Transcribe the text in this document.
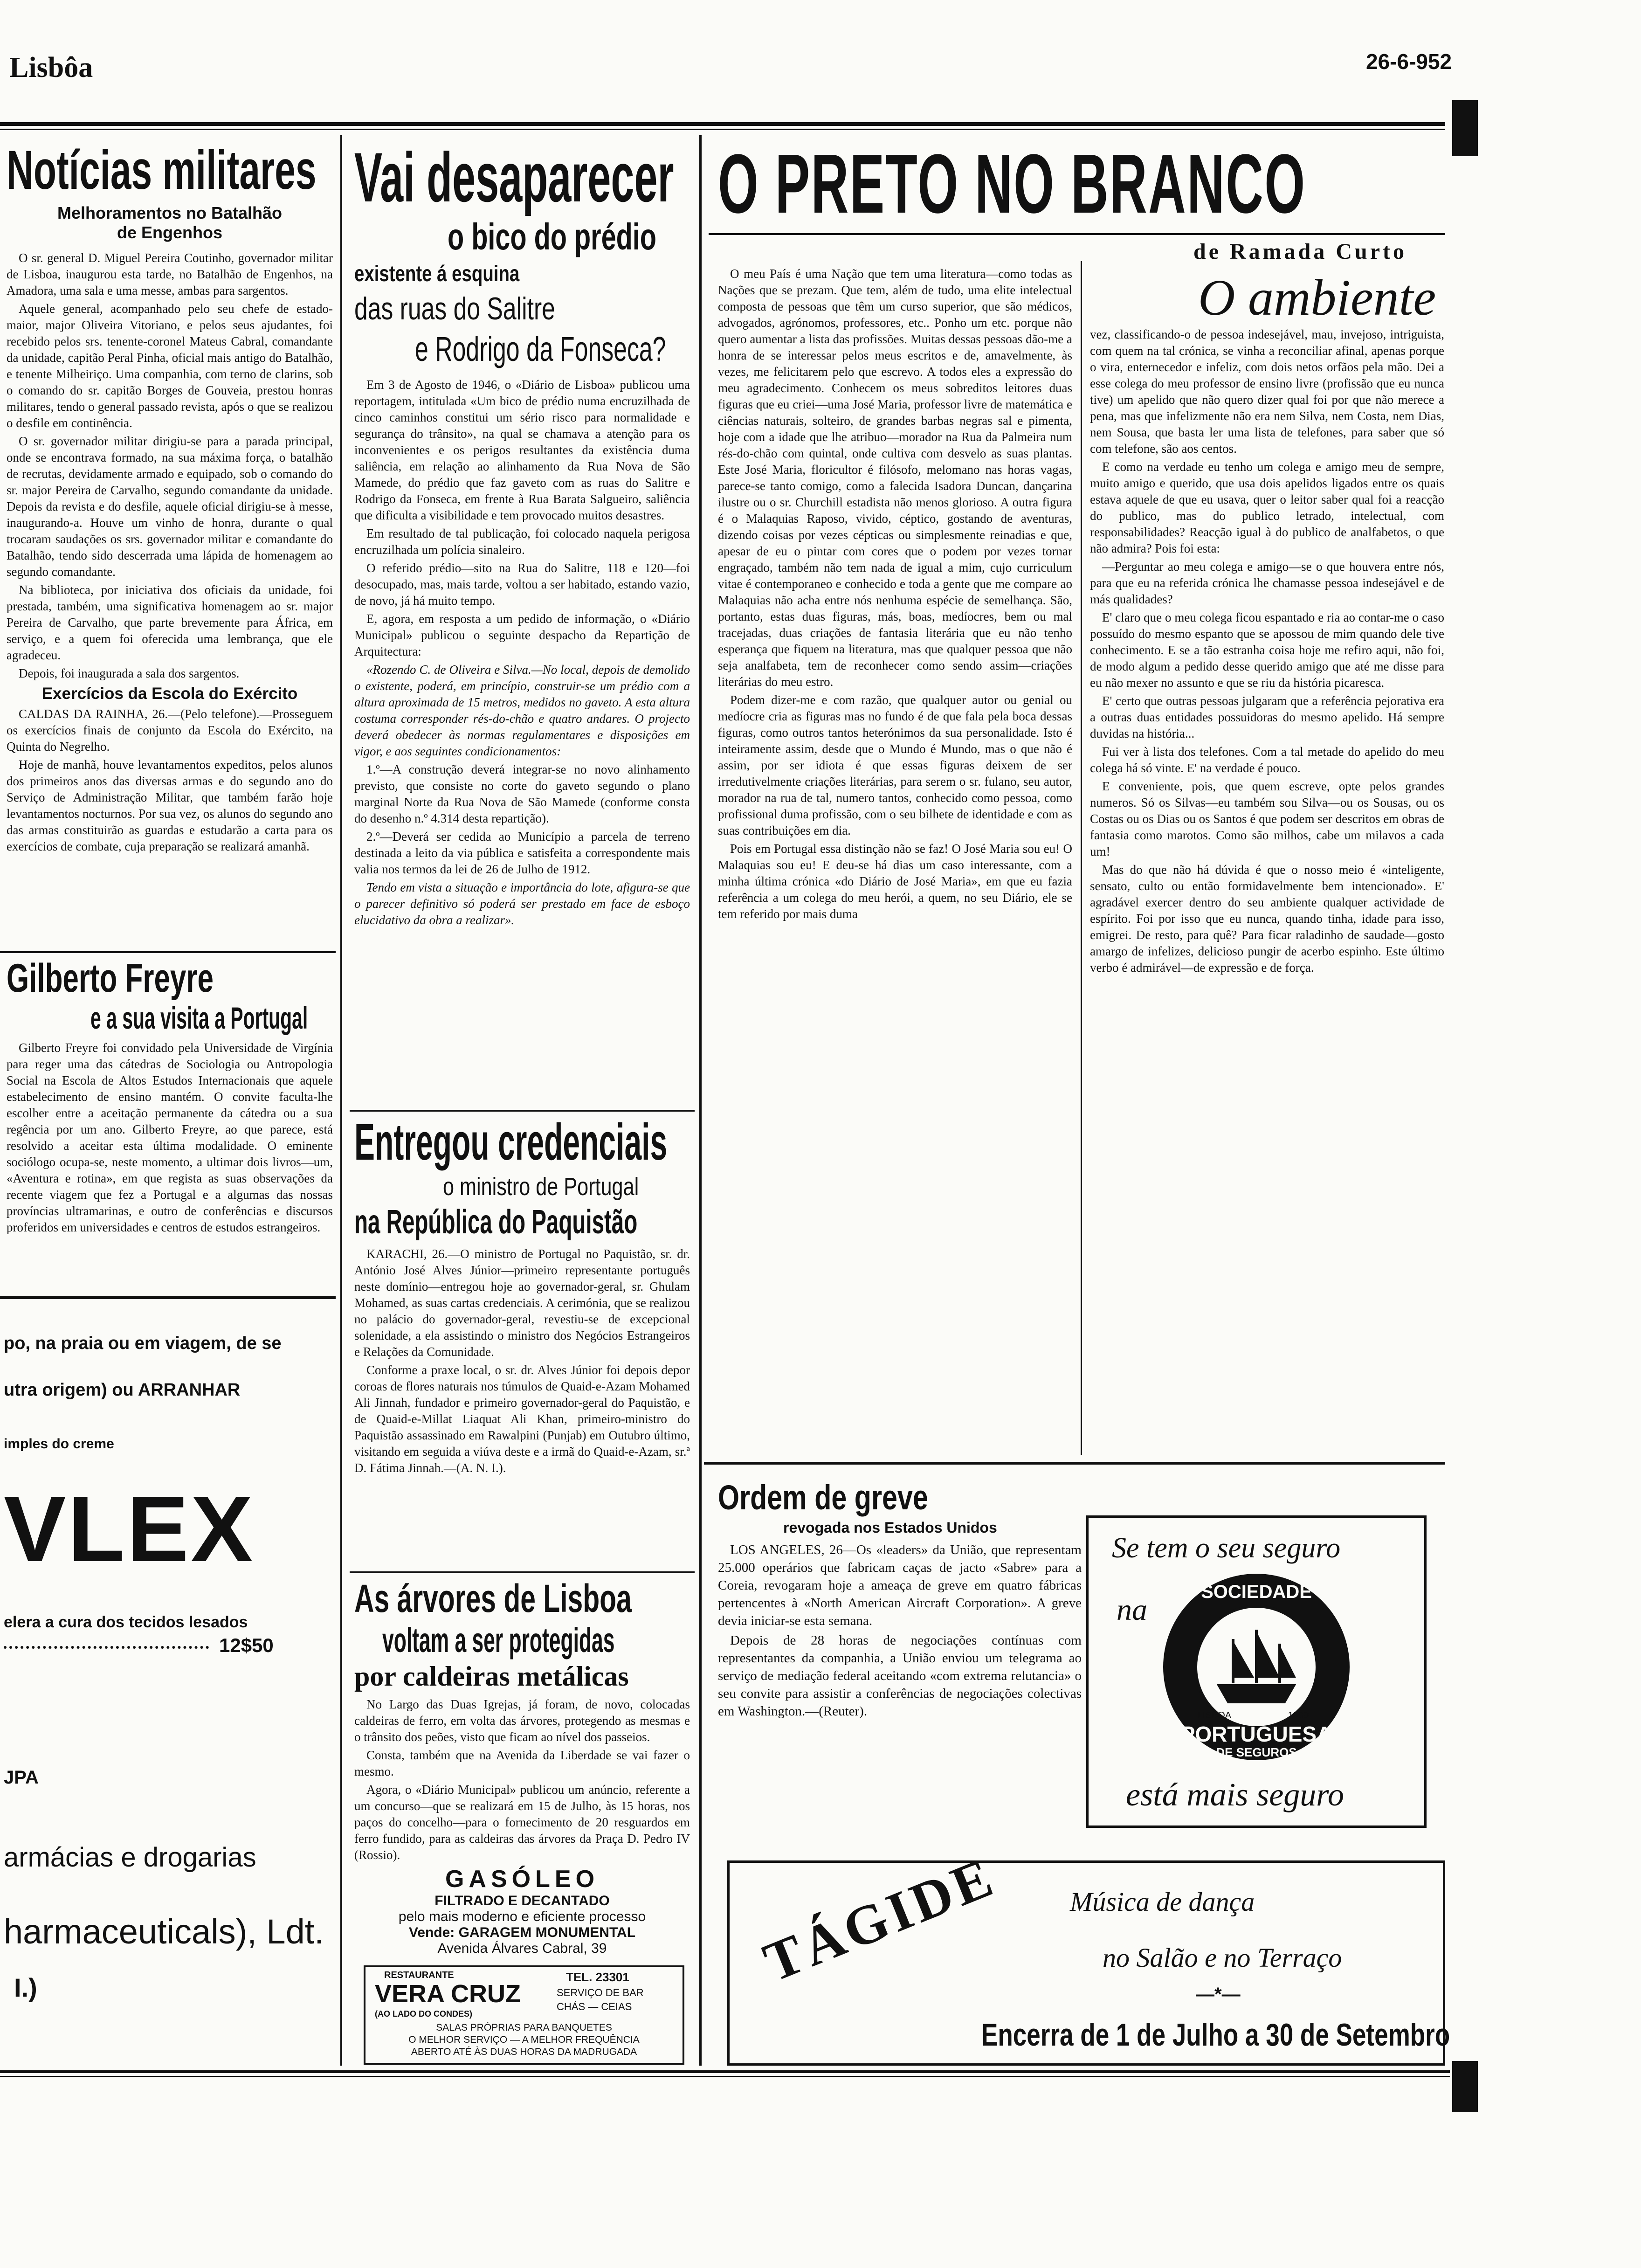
Lisbôa	26-6-952
Notícias militares
Melhoramentos no Batalhão
de Engenhos

O sr. general D. Miguel Pereira Coutinho, governador militar de Lisboa, inaugurou esta tarde, no Batalhão de Engenhos, na Amadora, uma sala e uma messe, ambas para sargentos.

Aquele general, acompanhado pelo seu chefe de estado-maior, major Oliveira Vitoriano, e pelos seus ajudantes, foi recebido pelos srs. tenente-coronel Mateus Cabral, comandante da unidade, capitão Peral Pinha, oficial mais antigo do Batalhão, e tenente Milheiriço. Uma companhia, com terno de clarins, sob o comando do sr. capitão Borges de Gouveia, prestou honras militares, tendo o general passado revista, após o que se realizou o desfile em continência.

O sr. governador militar dirigiu-se para a parada principal, onde se encontrava formado, na sua máxima força, o batalhão de recrutas, devidamente armado e equipado, sob o comando do sr. major Pereira de Carvalho, segundo comandante da unidade. Depois da revista e do desfile, aquele oficial dirigiu-se à messe, inaugurando-a. Houve um vinho de honra, durante o qual trocaram saudações os srs. governador militar e comandante do Batalhão, tendo sido descerrada uma lápida de homenagem ao segundo comandante.

Na biblioteca, por iniciativa dos oficiais da unidade, foi prestada, também, uma significativa homenagem ao sr. major Pereira de Carvalho, que parte brevemente para África, em serviço, e a quem foi oferecida uma lembrança, que ele agradeceu.

Depois, foi inaugurada a sala dos sargentos.

Exercícios da Escola do Exército

CALDAS DA RAINHA, 26.—(Pelo telefone).—Prosseguem os exercícios finais de conjunto da Escola do Exército, na Quinta do Negrelho.

Hoje de manhã, houve levantamentos expeditos, pelos alunos dos primeiros anos das diversas armas e do segundo ano do Serviço de Administração Militar, que também farão hoje levantamentos nocturnos. Por sua vez, os alunos do segundo ano das armas constituirão as guardas e estudarão a carta para os exercícios de combate, cuja preparação se realizará amanhã.

Gilberto Freyre
e a sua visita a Portugal

Gilberto Freyre foi convidado pela Universidade de Virgínia para reger uma das cátedras de Sociologia ou Antropologia Social na Escola de Altos Estudos Internacionais que aquele estabelecimento de ensino mantém. O convite faculta-lhe escolher entre a aceitação permanente da cátedra ou a sua regência por um ano. Gilberto Freyre, ao que parece, está resolvido a aceitar esta última modalidade. O eminente sociólogo ocupa-se, neste momento, a ultimar dois livros—um, «Aventura e rotina», em que regista as suas observações da recente viagem que fez a Portugal e a algumas das nossas províncias ultramarinas, e outro de conferências e discursos proferidos em universidades e centros de estudos estrangeiros.

po, na praia ou em viagem, de se
utra origem) ou ARRANHAR
imples do creme
VLEX
elera a cura dos tecidos lesados
12$50
JPA
armácias e drogarias
harmaceuticals), Ldt.
I.)
Vai desaparecer
o bico do prédio
existente á esquina
das ruas do Salitre
e Rodrigo da Fonseca?

Em 3 de Agosto de 1946, o «Diário de Lisboa» publicou uma reportagem, intitulada «Um bico de prédio numa encruzilhada de cinco caminhos constitui um sério risco para normalidade e segurança do trânsito», na qual se chamava a atenção para os inconvenientes e os perigos resultantes da existência duma saliência, em relação ao alinhamento da Rua Nova de São Mamede, do prédio que faz gaveto com as ruas do Salitre e Rodrigo da Fonseca, em frente à Rua Barata Salgueiro, saliência que dificulta a visibilidade e tem provocado muitos desastres.

Em resultado de tal publicação, foi colocado naquela perigosa encruzilhada um polícia sinaleiro.

O referido prédio—sito na Rua do Salitre, 118 e 120—foi desocupado, mas, mais tarde, voltou a ser habitado, estando vazio, de novo, já há muito tempo.

E, agora, em resposta a um pedido de informação, o «Diário Municipal» publicou o seguinte despacho da Repartição de Arquitectura:

«Rozendo C. de Oliveira e Silva.—No local, depois de demolido o existente, poderá, em princípio, construir-se um prédio com a altura aproximada de 15 metros, medidos no gaveto. A esta altura costuma corresponder rés-do-chão e quatro andares. O projecto deverá obedecer às normas regulamentares e disposições em vigor, e aos seguintes condicionamentos:

1.º—A construção deverá integrar-se no novo alinhamento previsto, que consiste no corte do gaveto segundo o plano marginal Norte da Rua Nova de São Mamede (conforme consta do desenho n.º 4.314 desta repartição).

2.º—Deverá ser cedida ao Município a parcela de terreno destinada a leito da via pública e satisfeita a correspondente mais valia nos termos da lei de 26 de Julho de 1912.

Tendo em vista a situação e importância do lote, afigura-se que o parecer definitivo só poderá ser prestado em face de esboço elucidativo da obra a realizar».

Entregou credenciais
o ministro de Portugal
na República do Paquistão

KARACHI, 26.—O ministro de Portugal no Paquistão, sr. dr. António José Alves Júnior—primeiro representante português neste domínio—entregou hoje ao governador-geral, sr. Ghulam Mohamed, as suas cartas credenciais. A cerimónia, que se realizou no palácio do governador-geral, revestiu-se de excepcional solenidade, a ela assistindo o ministro dos Negócios Estrangeiros e Relações da Comunidade.

Conforme a praxe local, o sr. dr. Alves Júnior foi depois depor coroas de flores naturais nos túmulos de Quaid-e-Azam Mohamed Ali Jinnah, fundador e primeiro governador-geral do Paquistão, e de Quaid-e-Millat Liaquat Ali Khan, primeiro-ministro do Paquistão assassinado em Rawalpini (Punjab) em Outubro último, visitando em seguida a viúva deste e a irmã do Quaid-e-Azam, sr.ª D. Fátima Jinnah.—(A. N. I.).

As árvores de Lisboa
voltam a ser protegidas
por caldeiras metálicas

No Largo das Duas Igrejas, já foram, de novo, colocadas caldeiras de ferro, em volta das árvores, protegendo as mesmas e o trânsito dos peões, visto que ficam ao nível dos passeios.

Consta, também que na Avenida da Liberdade se vai fazer o mesmo.

Agora, o «Diário Municipal» publicou um anúncio, referente a um concurso—que se realizará em 15 de Julho, às 15 horas, nos paços do concelho—para o fornecimento de 20 resguardos em ferro fundido, para as caldeiras das árvores da Praça D. Pedro IV (Rossio).

GASÓLEO
FILTRADO E DECANTADO
pelo mais moderno e eficiente processo
Vende: GARAGEM MONUMENTAL
Avenida Álvares Cabral, 39
RESTAURANTE
VERA CRUZ
TEL. 23301
(AO LADO DO CONDES)
SERVIÇO DE BAR
CHÁS — CEIAS
SALAS PRÓPRIAS PARA BANQUETES
O MELHOR SERVIÇO — A MELHOR FREQUÊNCIA
ABERTO ATÉ ÀS DUAS HORAS DA MADRUGADA
O PRETO NO BRANCO
de Ramada Curto
O ambiente

O meu País é uma Nação que tem uma literatura—como todas as Nações que se prezam. Que tem, além de tudo, uma elite intelectual composta de pessoas que têm um curso superior, que são médicos, advogados, agrónomos, professores, etc.. Ponho um etc. porque não quero aumentar a lista das profissões. Muitas dessas pessoas dão-me a honra de se interessar pelos meus escritos e de, amavelmente, às vezes, me felicitarem pelo que escrevo. A todos eles a expressão do meu agradecimento. Conhecem os meus sobreditos leitores duas figuras que eu criei—uma José Maria, professor livre de matemática e ciências naturais, solteiro, de grandes barbas negras sal e pimenta, hoje com a idade que lhe atribuo—morador na Rua da Palmeira num rés-do-chão com quintal, onde cultiva com desvelo as suas plantas. Este José Maria, floricultor é filósofo, melomano nas horas vagas, parece-se tanto comigo, como a falecida Isadora Duncan, dançarina ilustre ou o sr. Churchill estadista não menos glorioso. A outra figura é o Malaquias Raposo, vivido, céptico, gostando de aventuras, dizendo coisas por vezes cépticas ou simplesmente reinadias e que, apesar de eu o pintar com cores que o podem por vezes tornar engraçado, também não tem nada de igual a mim, cujo curriculum vitae é contemporaneo e conhecido e toda a gente que me compare ao Malaquias não acha entre nós nenhuma espécie de semelhança. São, portanto, estas duas figuras, más, boas, medíocres, bem ou mal tracejadas, duas criações de fantasia literária que eu não tenho esperança que fiquem na literatura, mas que qualquer pessoa que não seja analfabeta, tem de reconhecer como sendo assim—criações literárias do meu estro.

Podem dizer-me e com razão, que qualquer autor ou genial ou medíocre cria as figuras mas no fundo é de que fala pela boca dessas figuras, como outros tantos heterónimos da sua personalidade. Isto é inteiramente assim, desde que o Mundo é Mundo, mas o que não é assim, por ser idiota é que essas figuras deixem de ser irredutivelmente criações literárias, para serem o sr. fulano, seu autor, morador na rua de tal, numero tantos, conhecido como pessoa, como profissional duma profissão, com o seu bilhete de identidade e com as suas contribuições em dia.

Pois em Portugal essa distinção não se faz! O José Maria sou eu! O Malaquias sou eu! E deu-se há dias um caso interessante, com a minha última crónica «do Diário de José Maria», em que eu fazia referência a um colega do meu herói, a quem, no seu Diário, ele se tem referido por mais duma

vez, classificando-o de pessoa indesejável, mau, invejoso, intriguista, com quem na tal crónica, se vinha a reconciliar afinal, apenas porque o vira, enternecedor e infeliz, com dois netos orfãos pela mão. Dei a esse colega do meu professor de ensino livre (profissão que eu nunca tive) um apelido que não quero dizer qual foi por que não merece a pena, mas que infelizmente não era nem Silva, nem Costa, nem Dias, nem Sousa, que basta ler uma lista de telefones, para saber que só com telefone, são aos centos.

E como na verdade eu tenho um colega e amigo meu de sempre, muito amigo e querido, que usa dois apelidos ligados entre os quais estava aquele de que eu usava, quer o leitor saber qual foi a reacção do publico, mas do publico letrado, intelectual, com responsabilidades? Reacção igual à do publico de analfabetos, o que não admira? Pois foi esta:

—Perguntar ao meu colega e amigo—se o que houvera entre nós, para que eu na referida crónica lhe chamasse pessoa indesejável e de más qualidades?

E' claro que o meu colega ficou espantado e ria ao contar-me o caso possuído do mesmo espanto que se apossou de mim quando dele tive conhecimento. E se a tão estranha coisa hoje me refiro aqui, não foi, de modo algum a pedido desse querido amigo que até me disse para eu não mexer no assunto e que se riu da história picaresca.

E' certo que outras pessoas julgaram que a referência pejorativa era a outras duas entidades possuidoras do mesmo apelido. Há sempre duvidas na história...

Fui ver à lista dos telefones. Com a tal metade do apelido do meu colega há só vinte. E' na verdade é pouco.

E conveniente, pois, que quem escreve, opte pelos grandes numeros. Só os Silvas—eu também sou Silva—ou os Sousas, ou os Costas ou os Dias ou os Santos é que podem ser descritos em obras de fantasia como marotos. Como são milhos, cabe um milavos a cada um!

Mas do que não há dúvida é que o nosso meio é «inteligente, sensato, culto ou então formidavelmente bem intencionado». E' agradável exercer dentro do seu ambiente qualquer actividade de espírito. Foi por isso que eu nunca, quando tinha, idade para isso, emigrei. De resto, para quê? Para ficar raladinho de saudade—gosto amargo de infelizes, delicioso pungir de acerbo espinho. Este último verbo é admirável—de expressão e de força.

Ordem de greve
revogada nos Estados Unidos

LOS ANGELES, 26—Os «leaders» da União, que representam 25.000 operários que fabricam caças de jacto «Sabre» para a Coreia, revogaram hoje a ameaça de greve em quatro fábricas pertencentes à «North American Aircraft Corporation». A greve devia iniciar-se esta semana.

Depois de 28 horas de negociações contínuas com representantes da companhia, a União enviou um telegrama ao serviço de mediação federal aceitando «com extrema relutancia» o seu convite para assistir a conferências de negociações colectivas em Washington.—(Reuter).

Se tem o seu seguro
na
SOCIEDADE
PORTUGUESA
DE SEGUROS
LISBOA	1900
está mais seguro
TÁGIDE Música de dança
no Salão e no Terraço
—*—
Encerra de 1 de Julho a 30 de Setembro
